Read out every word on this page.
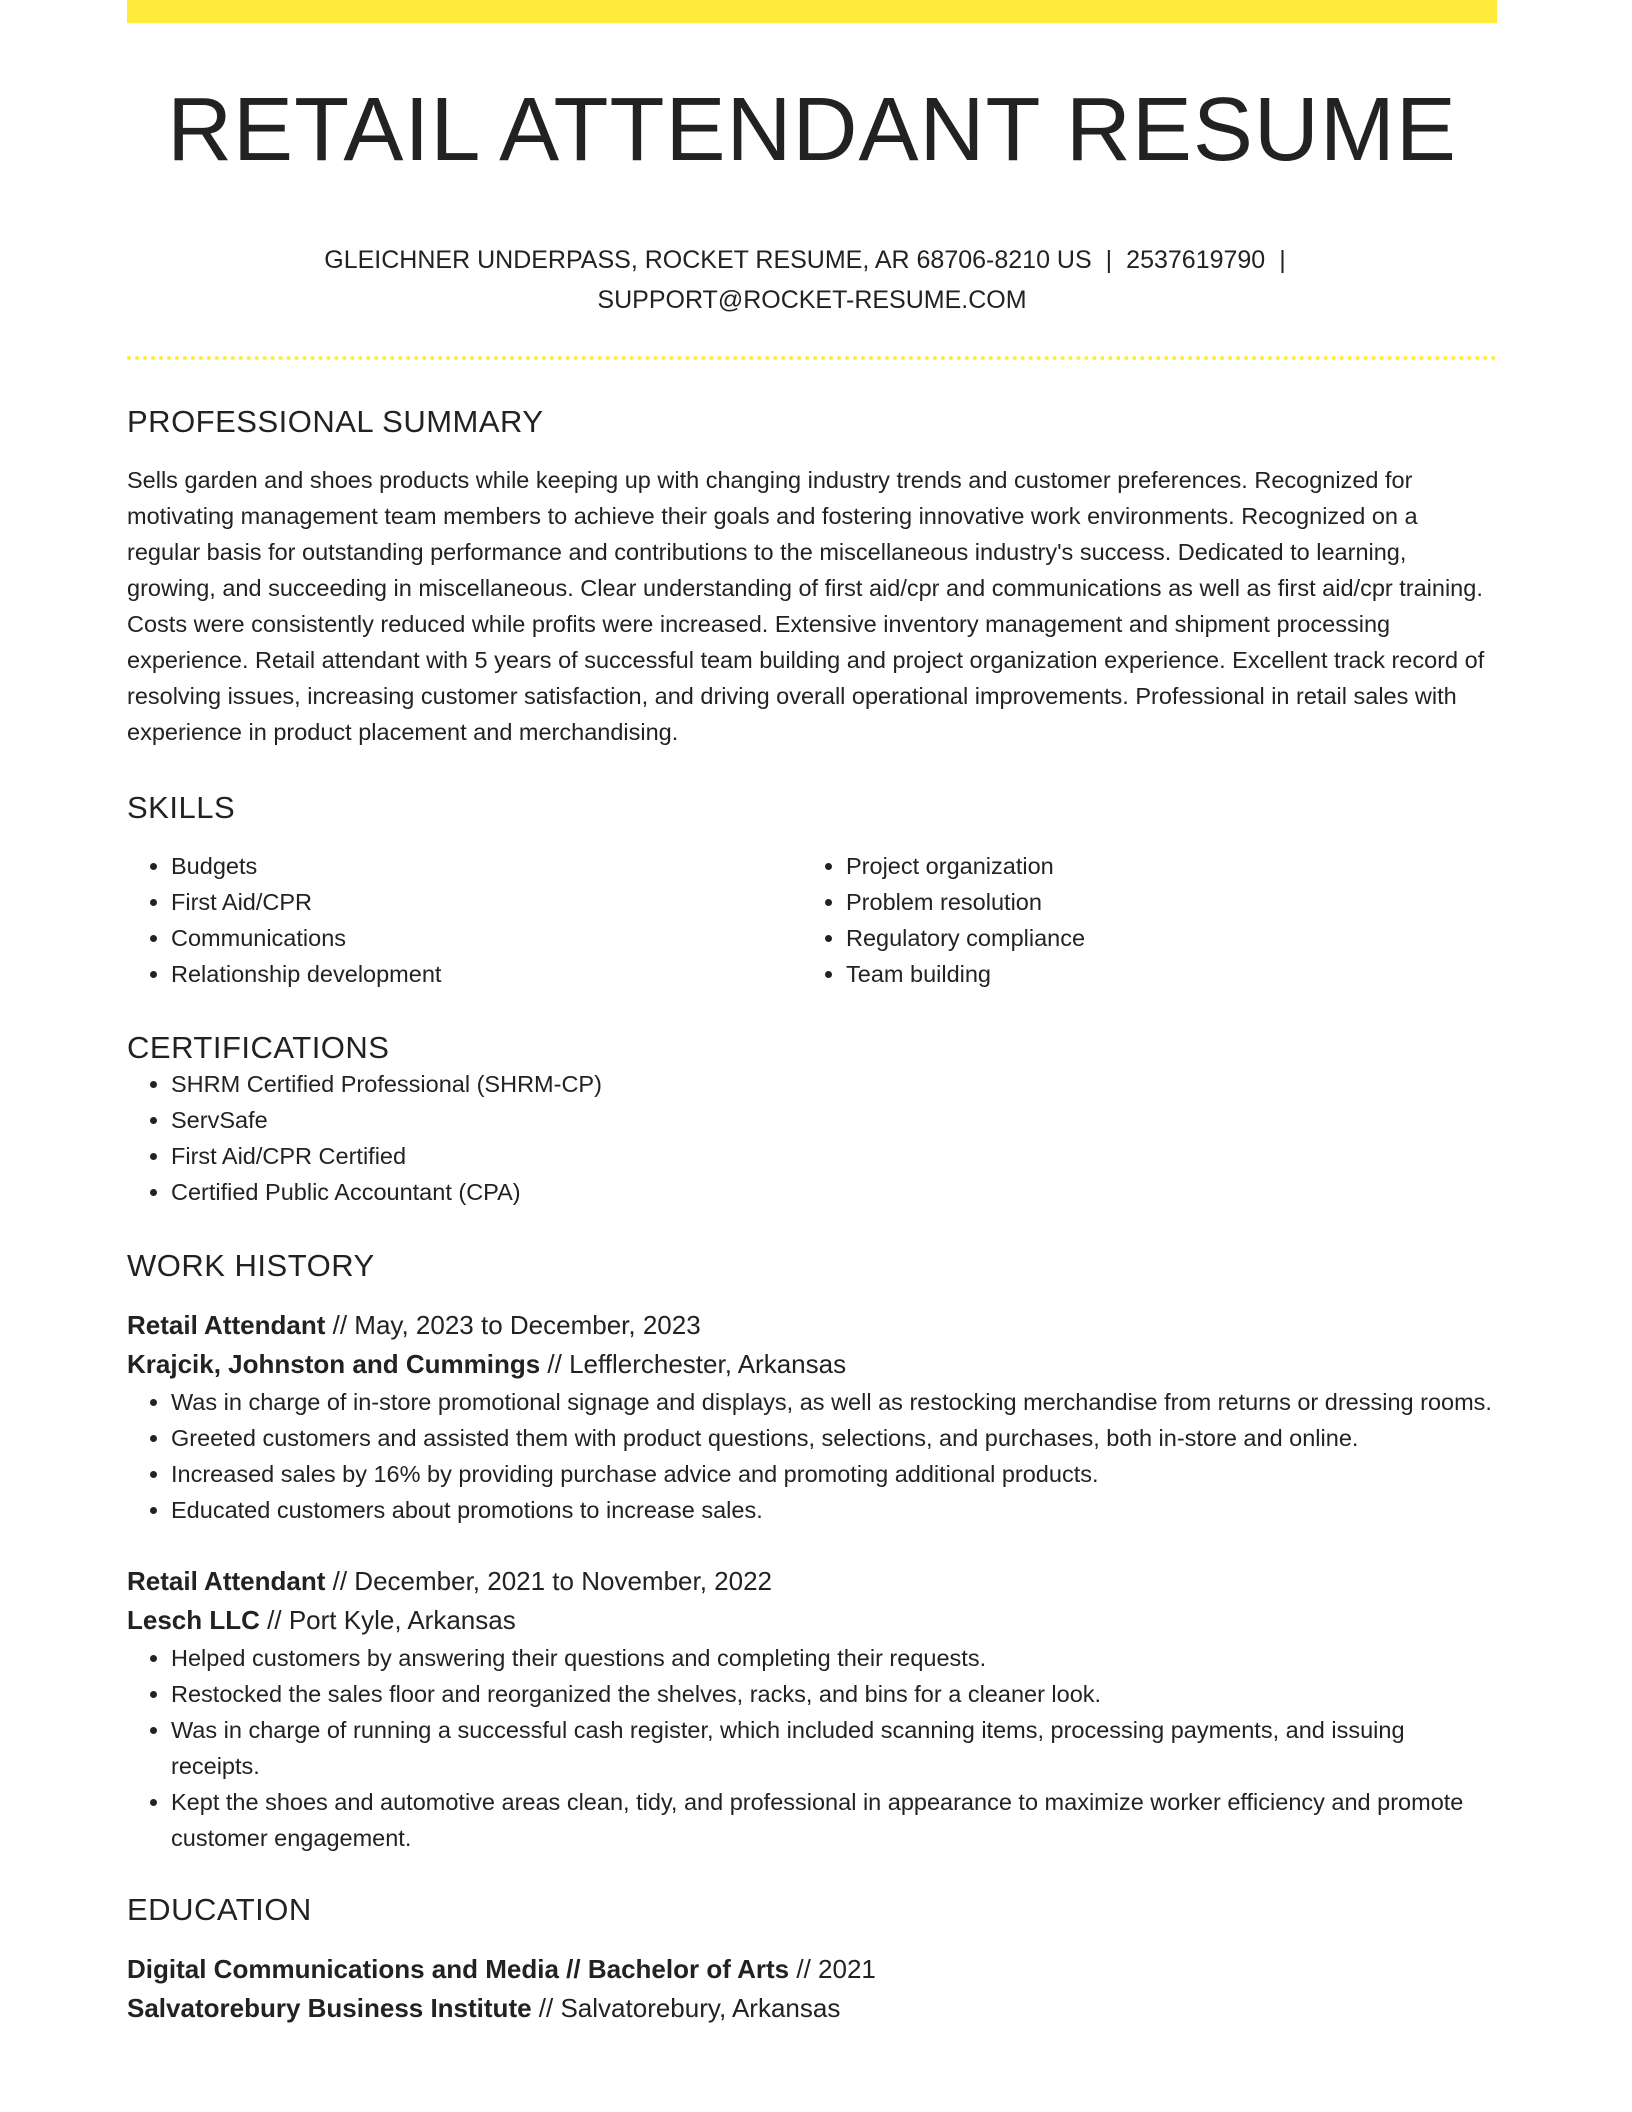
RETAIL ATTENDANT RESUME
GLEICHNER UNDERPASS, ROCKET RESUME, AR 68706-8210 US | 2537619790 |
SUPPORT@ROCKET-RESUME.COM
PROFESSIONAL SUMMARY

Sells garden and shoes products while keeping up with changing industry trends and customer preferences. Recognized for motivating management team members to achieve their goals and fostering innovative work environments. Recognized on a regular basis for outstanding performance and contributions to the miscellaneous industry's success. Dedicated to learning, growing, and succeeding in miscellaneous. Clear understanding of first aid/cpr and communications as well as first aid/cpr training. Costs were consistently reduced while profits were increased. Extensive inventory management and shipment processing experience. Retail attendant with 5 years of successful team building and project organization experience. Excellent track record of resolving issues, increasing customer satisfaction, and driving overall operational improvements. Professional in retail sales with experience in product placement and merchandising.

SKILLS
• Budgets
• First Aid/CPR
• Communications
• Relationship development
• Project organization
• Problem resolution
• Regulatory compliance
• Team building
CERTIFICATIONS
• SHRM Certified Professional (SHRM-CP)
• ServSafe
• First Aid/CPR Certified
• Certified Public Accountant (CPA)
WORK HISTORY
Retail Attendant // May, 2023 to December, 2023
Krajcik, Johnston and Cummings // Lefflerchester, Arkansas
• Was in charge of in-store promotional signage and displays, as well as restocking merchandise from returns or dressing rooms.
• Greeted customers and assisted them with product questions, selections, and purchases, both in-store and online.
• Increased sales by 16% by providing purchase advice and promoting additional products.
• Educated customers about promotions to increase sales.
Retail Attendant // December, 2021 to November, 2022
Lesch LLC // Port Kyle, Arkansas
• Helped customers by answering their questions and completing their requests.
• Restocked the sales floor and reorganized the shelves, racks, and bins for a cleaner look.
• Was in charge of running a successful cash register, which included scanning items, processing payments, and issuing receipts.
• Kept the shoes and automotive areas clean, tidy, and professional in appearance to maximize worker efficiency and promote customer engagement.
EDUCATION
Digital Communications and Media // Bachelor of Arts // 2021
Salvatorebury Business Institute // Salvatorebury, Arkansas
